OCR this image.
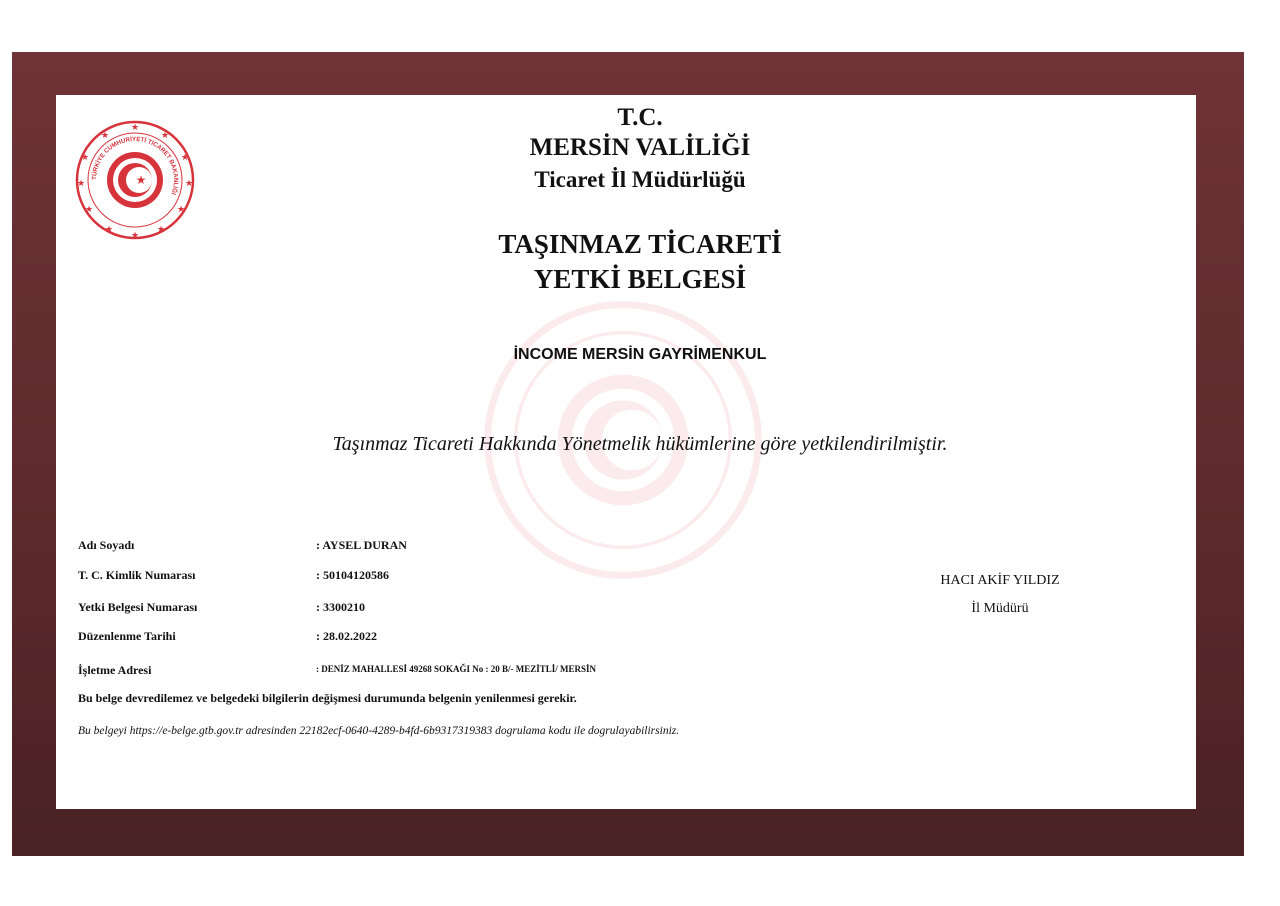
★
★
★
★
★
★
★
★
★
★
★
★
TÜRKİYE CUMHURİYETİ TİCARET BAKANLIĞI
★
T.C.
MERSİN VALİLİĞİ
Ticaret İl Müdürlüğü
TAŞINMAZ TİCARETİ
YETKİ BELGESİ
İNCOME MERSİN GAYRİMENKUL
Taşınmaz Ticareti Hakkında Yönetmelik hükümlerine göre yetkilendirilmiştir.
Adı Soyadı	: AYSEL DURAN
T. C. Kimlik Numarası	: 50104120586
Yetki Belgesi Numarası	: 3300210
Düzenlenme Tarihi	: 28.02.2022
İşletme Adresi	: DENİZ MAHALLESİ 49268 SOKAĞI No : 20 B/- MEZİTLİ/ MERSİN
Bu belge devredilemez ve belgedeki bilgilerin değişmesi durumunda belgenin yenilenmesi gerekir.
Bu belgeyi https://e-belge.gtb.gov.tr adresinden 22182ecf-0640-4289-b4fd-6b9317319383 dogrulama kodu ile dogrulayabilirsiniz.
HACI AKİF YILDIZ
İl Müdürü
